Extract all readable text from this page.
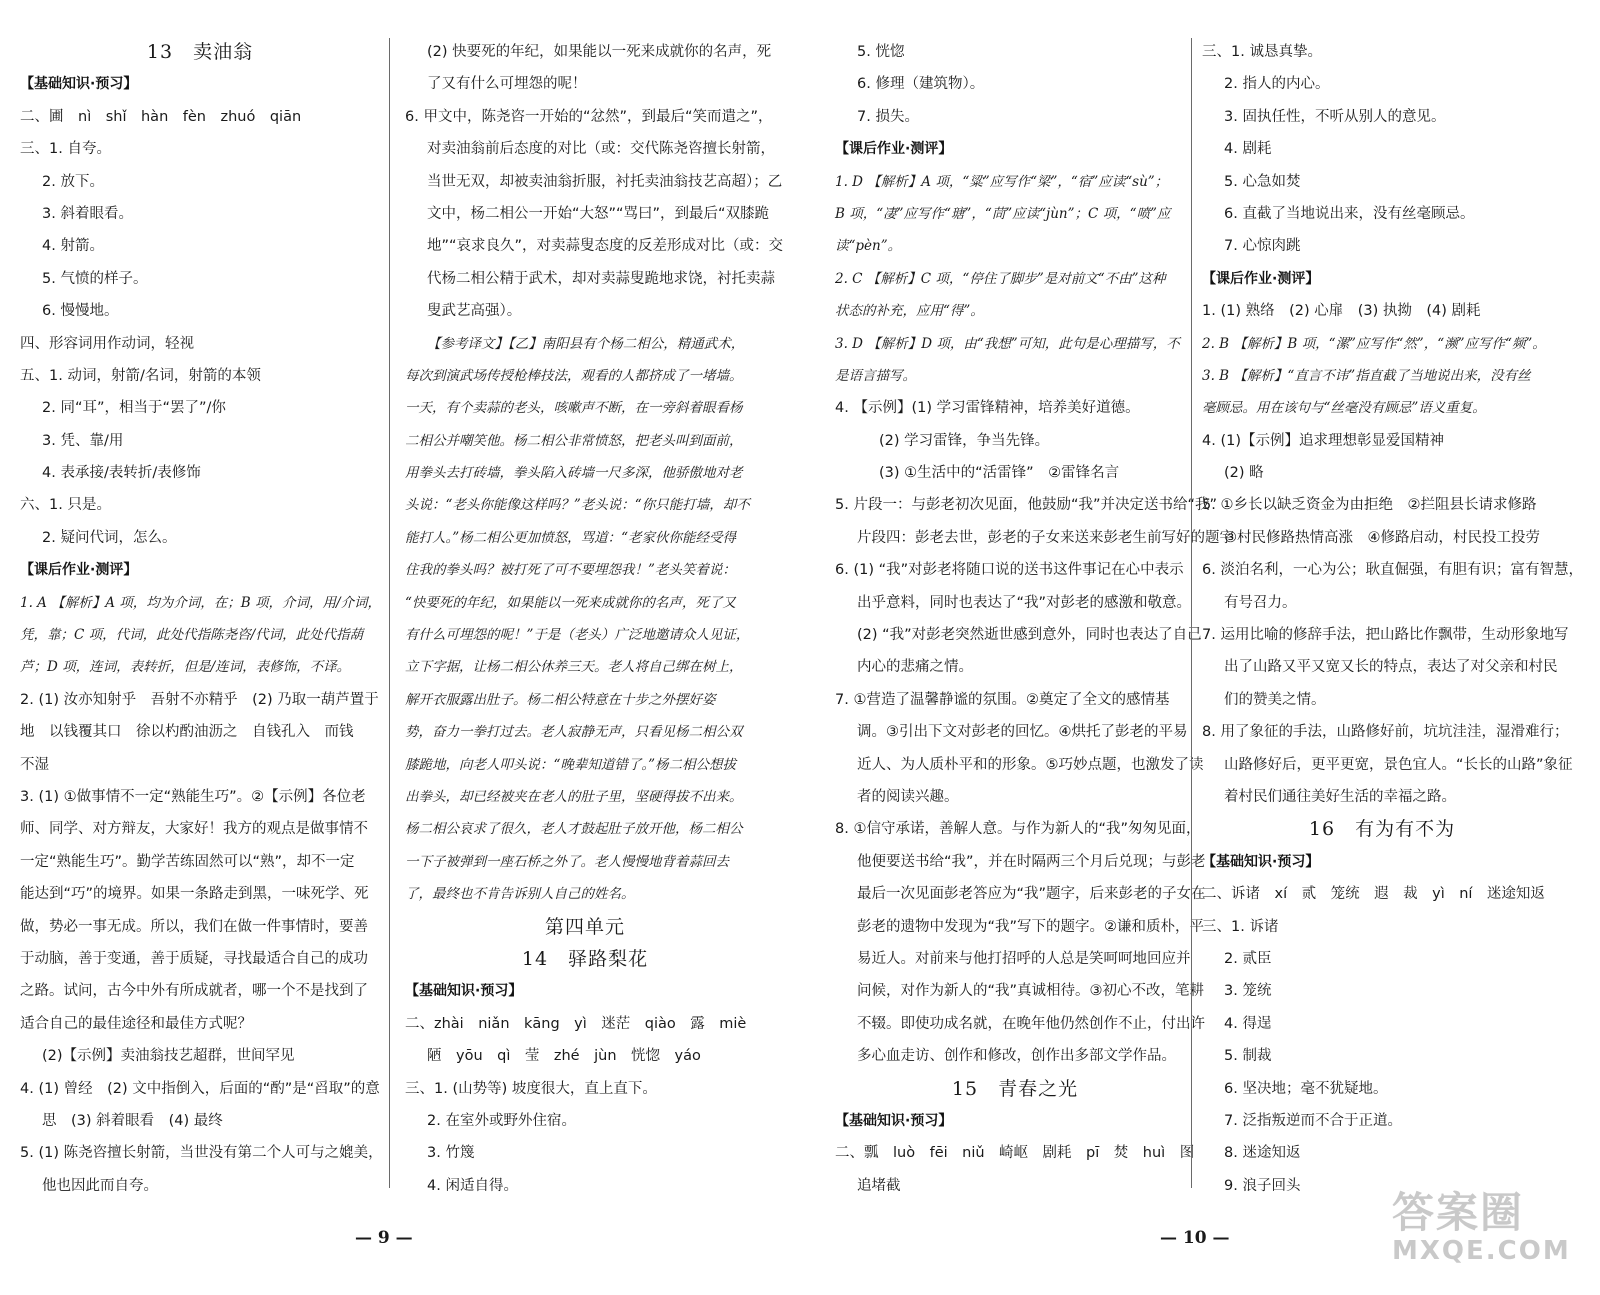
13　卖油翁
【基础知识·预习】
二、圃　nì　shǐ　hàn　fèn　zhuó　qiān
三、1. 自夸。
2. 放下。
3. 斜着眼看。
4. 射箭。
5. 气愤的样子。
6. 慢慢地。
四、形容词用作动词，轻视
五、1. 动词，射箭/名词，射箭的本领
2. 同“耳”，相当于“罢了”/你
3. 凭、靠/用
4. 表承接/表转折/表修饰
六、1. 只是。
2. 疑问代词，怎么。
【课后作业·测评】
1. A 【解析】A 项，均为介词，在；B 项，介词，用/介词，
凭，靠；C 项，代词，此处代指陈尧咨/代词，此处代指葫
芦；D 项，连词，表转折，但是/连词，表修饰，不译。
2. (1) 汝亦知射乎　吾射不亦精乎　(2) 乃取一葫芦置于
地　以钱覆其口　徐以杓酌油沥之　自钱孔入　而钱
不湿
3. (1) ①做事情不一定“熟能生巧”。②【示例】各位老
师、同学、对方辩友，大家好！我方的观点是做事情不
一定“熟能生巧”。勤学苦练固然可以“熟”，却不一定
能达到“巧”的境界。如果一条路走到黑，一味死学、死
做，势必一事无成。所以，我们在做一件事情时，要善
于动脑，善于变通，善于质疑，寻找最适合自己的成功
之路。试问，古今中外有所成就者，哪一个不是找到了
适合自己的最佳途径和最佳方式呢？
(2)【示例】卖油翁技艺超群，世间罕见
4. (1) 曾经　(2) 文中指倒入，后面的“酌”是“舀取”的意
思　(3) 斜着眼看　(4) 最终
5. (1) 陈尧咨擅长射箭，当世没有第二个人可与之媲美，
他也因此而自夸。
(2) 快要死的年纪，如果能以一死来成就你的名声，死
了又有什么可埋怨的呢！
6. 甲文中，陈尧咨一开始的“忿然”，到最后“笑而遣之”，
对卖油翁前后态度的对比（或：交代陈尧咨擅长射箭，
当世无双，却被卖油翁折服，衬托卖油翁技艺高超）；乙
文中，杨二相公一开始“大怒”“骂曰”，到最后“双膝跪
地”“哀求良久”，对卖蒜叟态度的反差形成对比（或：交
代杨二相公精于武术，却对卖蒜叟跪地求饶，衬托卖蒜
叟武艺高强）。
【参考译文】【乙】南阳县有个杨二相公，精通武术，
每次到演武场传授枪棒技法，观看的人都挤成了一堵墙。
一天，有个卖蒜的老头，咳嗽声不断，在一旁斜着眼看杨
二相公并嘲笑他。杨二相公非常愤怒，把老头叫到面前，
用拳头去打砖墙，拳头陷入砖墙一尺多深，他骄傲地对老
头说：“老头你能像这样吗？”老头说：“你只能打墙，却不
能打人。”杨二相公更加愤怒，骂道：“老家伙你能经受得
住我的拳头吗？被打死了可不要埋怨我！”老头笑着说：
“快要死的年纪，如果能以一死来成就你的名声，死了又
有什么可埋怨的呢！”于是（老头）广泛地邀请众人见证，
立下字据，让杨二相公休养三天。老人将自己绑在树上，
解开衣服露出肚子。杨二相公特意在十步之外摆好姿
势，奋力一拳打过去。老人寂静无声，只看见杨二相公双
膝跪地，向老人叩头说：“晚辈知道错了。”杨二相公想拔
出拳头，却已经被夹在老人的肚子里，坚硬得拔不出来。
杨二相公哀求了很久，老人才鼓起肚子放开他，杨二相公
一下子被弹到一座石桥之外了。老人慢慢地背着蒜回去
了，最终也不肯告诉别人自己的姓名。
第四单元
14　驿路梨花
【基础知识·预习】
二、zhài　niǎn　kāng　yì　迷茫　qiào　露　miè
陋　yōu　qì　莹　zhé　jùn　恍惚　yáo
三、1. (山势等) 坡度很大，直上直下。
2. 在室外或野外住宿。
3. 竹篾
4. 闲适自得。
— 9 —
5. 恍惚
6. 修理（建筑物）。
7. 损失。
【课后作业·测评】
1. D 【解析】A 项，“粱”应写作“梁”，“宿”应读“sù”；
B 项，“凄”应写作“瑭”，“茼”应读“jùn”；C 项，“喷”应
读“pèn”。
2. C 【解析】C 项，“停住了脚步”是对前文“不由”这种
状态的补充，应用“得”。
3. D 【解析】D 项，由“我想”可知，此句是心理描写，不
是语言描写。
4. 【示例】(1) 学习雷锋精神，培养美好道德。
(2) 学习雷锋，争当先锋。
(3) ①生活中的“活雷锋”　②雷锋名言
5. 片段一：与彭老初次见面，他鼓励“我”并决定送书给“我”
片段四：彭老去世，彭老的子女来送来彭老生前写好的题字
6. (1) “我”对彭老将随口说的送书这件事记在心中表示
出乎意料，同时也表达了“我”对彭老的感激和敬意。
(2) “我”对彭老突然逝世感到意外，同时也表达了自己
内心的悲痛之情。
7. ①营造了温馨静谧的氛围。②奠定了全文的感情基
调。③引出下文对彭老的回忆。④烘托了彭老的平易
近人、为人质朴平和的形象。⑤巧妙点题，也激发了读
者的阅读兴趣。
8. ①信守承诺，善解人意。与作为新人的“我”匆匆见面，
他便要送书给“我”，并在时隔两三个月后兑现；与彭老
最后一次见面彭老答应为“我”题字，后来彭老的子女在
彭老的遗物中发现为“我”写下的题字。②谦和质朴，平
易近人。对前来与他打招呼的人总是笑呵呵地回应并
问候，对作为新人的“我”真诚相待。③初心不改，笔耕
不辍。即使功成名就，在晚年他仍然创作不止，付出许
多心血走访、创作和修改，创作出多部文学作品。
15　青春之光
【基础知识·预习】
二、瓢　luò　fēi　niǔ　崎岖　剧耗　pī　焚　huì　图
追堵截
三、1. 诚恳真挚。
2. 指人的内心。
3. 固执任性，不听从别人的意见。
4. 剧耗
5. 心急如焚
6. 直截了当地说出来，没有丝毫顾忌。
7. 心惊肉跳
【课后作业·测评】
1. (1) 熟络　(2) 心扉　(3) 执拗　(4) 剧耗
2. B 【解析】B 项，“漯”应写作“然”，“濒”应写作“频”。
3. B 【解析】“直言不讳”指直截了当地说出来，没有丝
毫顾忌。用在该句与“丝毫没有顾忌”语义重复。
4. (1)【示例】追求理想彰显爱国精神
(2) 略
5. ①乡长以缺乏资金为由拒绝　②拦阻县长请求修路
③村民修路热情高涨　④修路启动，村民投工投劳
6. 淡泊名利，一心为公；耿直倔强，有胆有识；富有智慧，
有号召力。
7. 运用比喻的修辞手法，把山路比作飘带，生动形象地写
出了山路又平又宽又长的特点，表达了对父亲和村民
们的赞美之情。
8. 用了象征的手法，山路修好前，坑坑洼洼，湿滑难行；
山路修好后，更平更宽，景色宜人。“长长的山路”象征
着村民们通往美好生活的幸福之路。
16　有为有不为
【基础知识·预习】
二、诉诸　xí　贰　笼统　遐　裁　yì　ní　迷途知返
三、1. 诉诸
2. 贰臣
3. 笼统
4. 得逞
5. 制裁
6. 坚决地；毫不犹疑地。
7. 泛指叛逆而不合于正道。
8. 迷途知返
9. 浪子回头
— 10 —
答案圈
MXQE.COM
